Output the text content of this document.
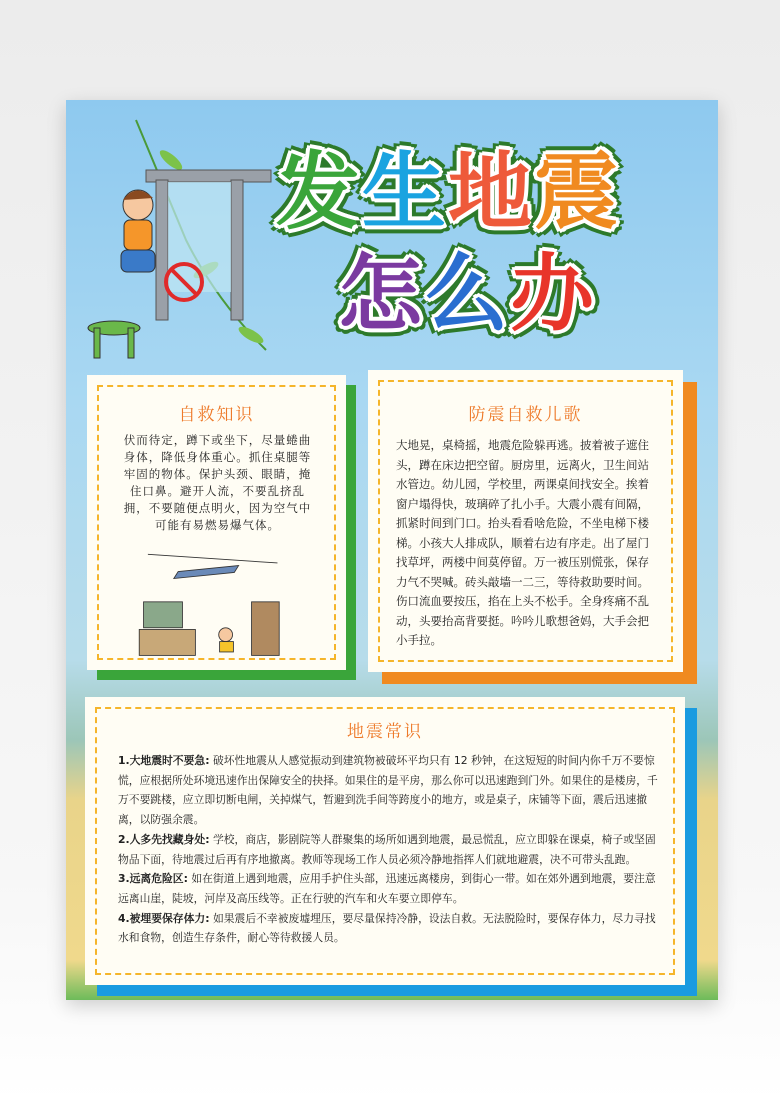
发生地震
怎么办
自救知识

伏而待定，蹲下或坐下，尽量蜷曲身体，降低身体重心。抓住桌腿等牢固的物体。保护头颈、眼睛，掩住口鼻。避开人流，不要乱挤乱拥，不要随便点明火，因为空气中可能有易燃易爆气体。

防震自救儿歌

大地晃，桌椅摇，地震危险躲再逃。披着被子遮住头，蹲在床边把空留。厨房里，远离火，卫生间站水管边。幼儿园，学校里，两课桌间找安全。挨着窗户塌得快，玻璃碎了扎小手。大震小震有间隔，抓紧时间到门口。抬头看看啥危险，不坐电梯下楼梯。小孩大人排成队，顺着右边有序走。出了屋门找草坪，两楼中间莫停留。万一被压别慌张，保存力气不哭喊。砖头敲墙一二三，等待救助要时间。伤口流血要按压，掐在上头不松手。全身疼痛不乱动，头要抬高背要挺。吟吟儿歌想爸妈，大手会把小手拉。

地震常识
1.大地震时不要急: 破坏性地震从人感觉振动到建筑物被破坏平均只有 12 秒钟，在这短短的时间内你千万不要惊慌，应根据所处环境迅速作出保障安全的抉择。如果住的是平房，那么你可以迅速跑到门外。如果住的是楼房，千万不要跳楼，应立即切断电闸，关掉煤气，暂避到洗手间等跨度小的地方，或是桌子，床铺等下面，震后迅速撤离，以防强余震。
2.人多先找藏身处: 学校，商店，影剧院等人群聚集的场所如遇到地震，最忌慌乱，应立即躲在课桌，椅子或坚固物品下面，待地震过后再有序地撤离。教师等现场工作人员必须冷静地指挥人们就地避震，决不可带头乱跑。
3.远离危险区: 如在街道上遇到地震，应用手护住头部，迅速远离楼房，到街心一带。如在郊外遇到地震，要注意远离山崖，陡坡，河岸及高压线等。正在行驶的汽车和火车要立即停车。
4.被埋要保存体力: 如果震后不幸被废墟埋压，要尽量保持冷静，设法自救。无法脱险时，要保存体力，尽力寻找水和食物，创造生存条件，耐心等待救援人员。
